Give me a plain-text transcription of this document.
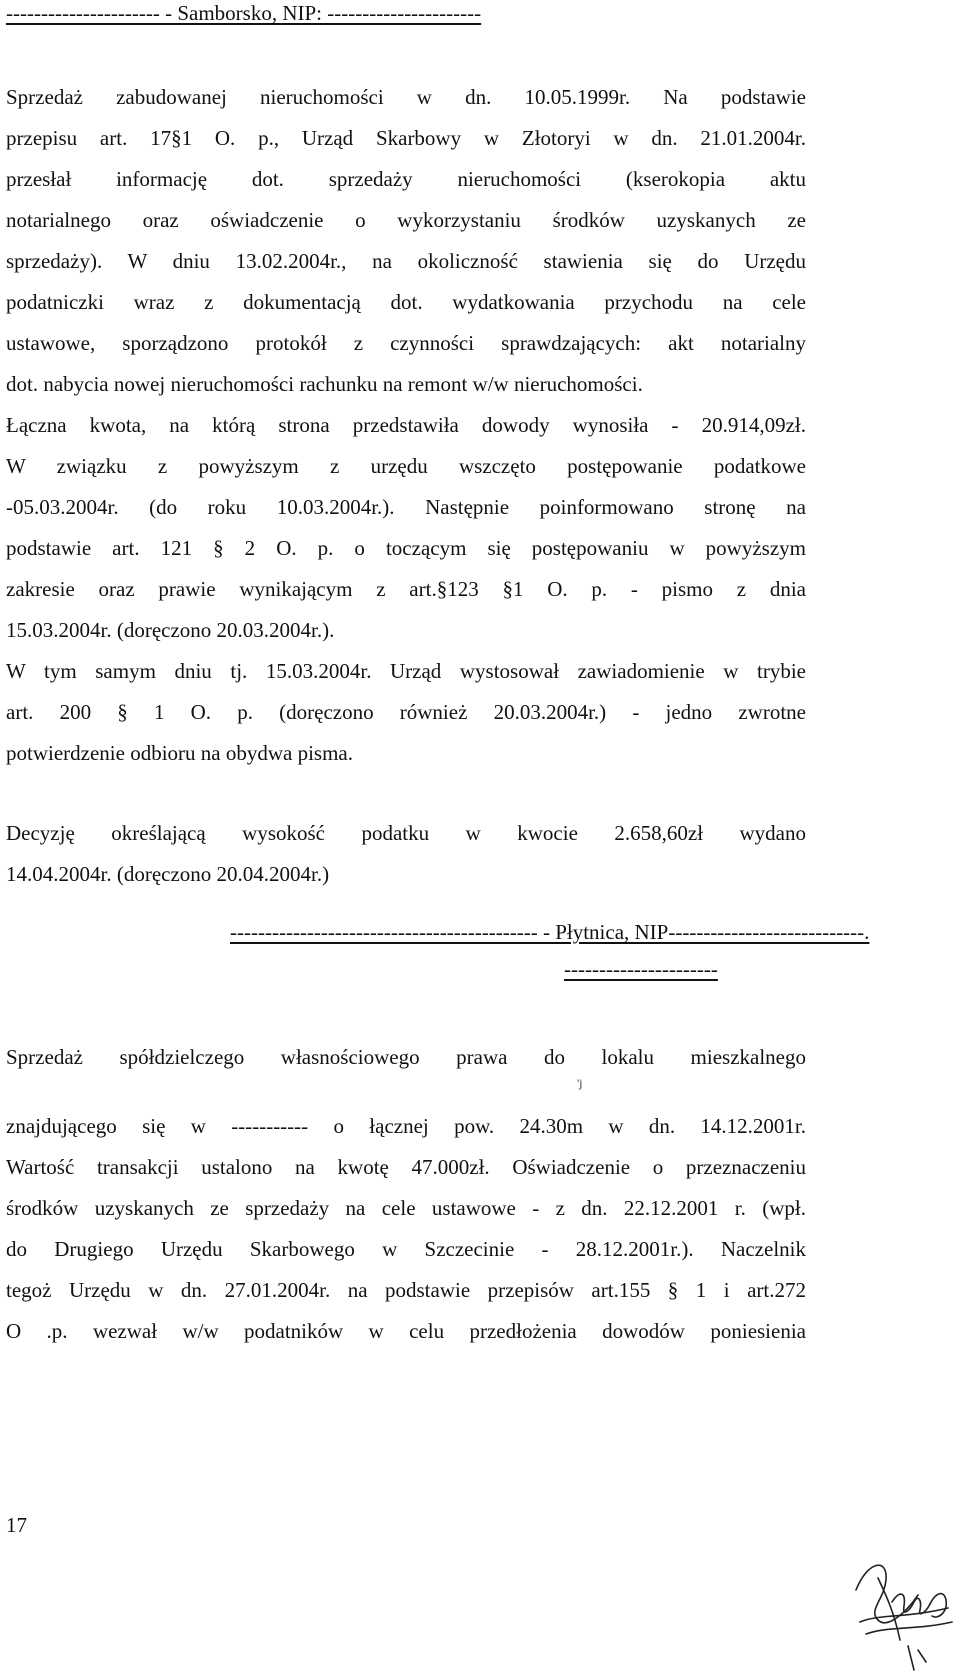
---------------------- - Samborsko, NIP: ----------------------
Sprzedaż zabudowanej nieruchomości w dn. 10.05.1999r. Na podstawie
przepisu art. 17§1 O. p., Urząd Skarbowy w Złotoryi w dn. 21.01.2004r.
przesłał informację dot. sprzedaży nieruchomości (kserokopia aktu
notarialnego oraz oświadczenie o wykorzystaniu środków uzyskanych ze
sprzedaży). W dniu 13.02.2004r., na okoliczność stawienia się do Urzędu
podatniczki wraz z dokumentacją dot. wydatkowania przychodu na cele
ustawowe, sporządzono protokół z czynności sprawdzających: akt notarialny
dot. nabycia nowej nieruchomości rachunku na remont w/w nieruchomości.
Łączna kwota, na którą strona przedstawiła dowody wynosiła - 20.914,09zł.
W związku z powyższym z urzędu wszczęto postępowanie podatkowe
-05.03.2004r. (do roku 10.03.2004r.). Następnie poinformowano stronę na
podstawie art. 121 § 2 O. p. o toczącym się postępowaniu w powyższym
zakresie oraz prawie wynikającym z art.§123 §1 O. p. - pismo z dnia
15.03.2004r. (doręczono 20.03.2004r.).
W tym samym dniu tj. 15.03.2004r. Urząd wystosował zawiadomienie w trybie
art. 200 § 1 O. p. (doręczono również 20.03.2004r.) - jedno zwrotne
potwierdzenie odbioru na obydwa pisma.
Decyzję określającą wysokość podatku w kwocie 2.658,60zł wydano
14.04.2004r. (doręczono 20.04.2004r.)
-------------------------------------------- - Płytnica, NIP----------------------------.
----------------------
Sprzedaż spółdzielczego własnościowego prawa do lokalu mieszkalnego
'j
znajdującego się w ----------- o łącznej pow. 24.30m w dn. 14.12.2001r.
Wartość transakcji ustalono na kwotę 47.000zł. Oświadczenie o przeznaczeniu
środków uzyskanych ze sprzedaży na cele ustawowe - z dn. 22.12.2001 r. (wpł.
do Drugiego Urzędu Skarbowego w Szczecinie - 28.12.2001r.). Naczelnik
tegoż Urzędu w dn. 27.01.2004r. na podstawie przepisów art.155 § 1 i art.272
O .p. wezwał w/w podatników w celu przedłożenia dowodów poniesienia
17
